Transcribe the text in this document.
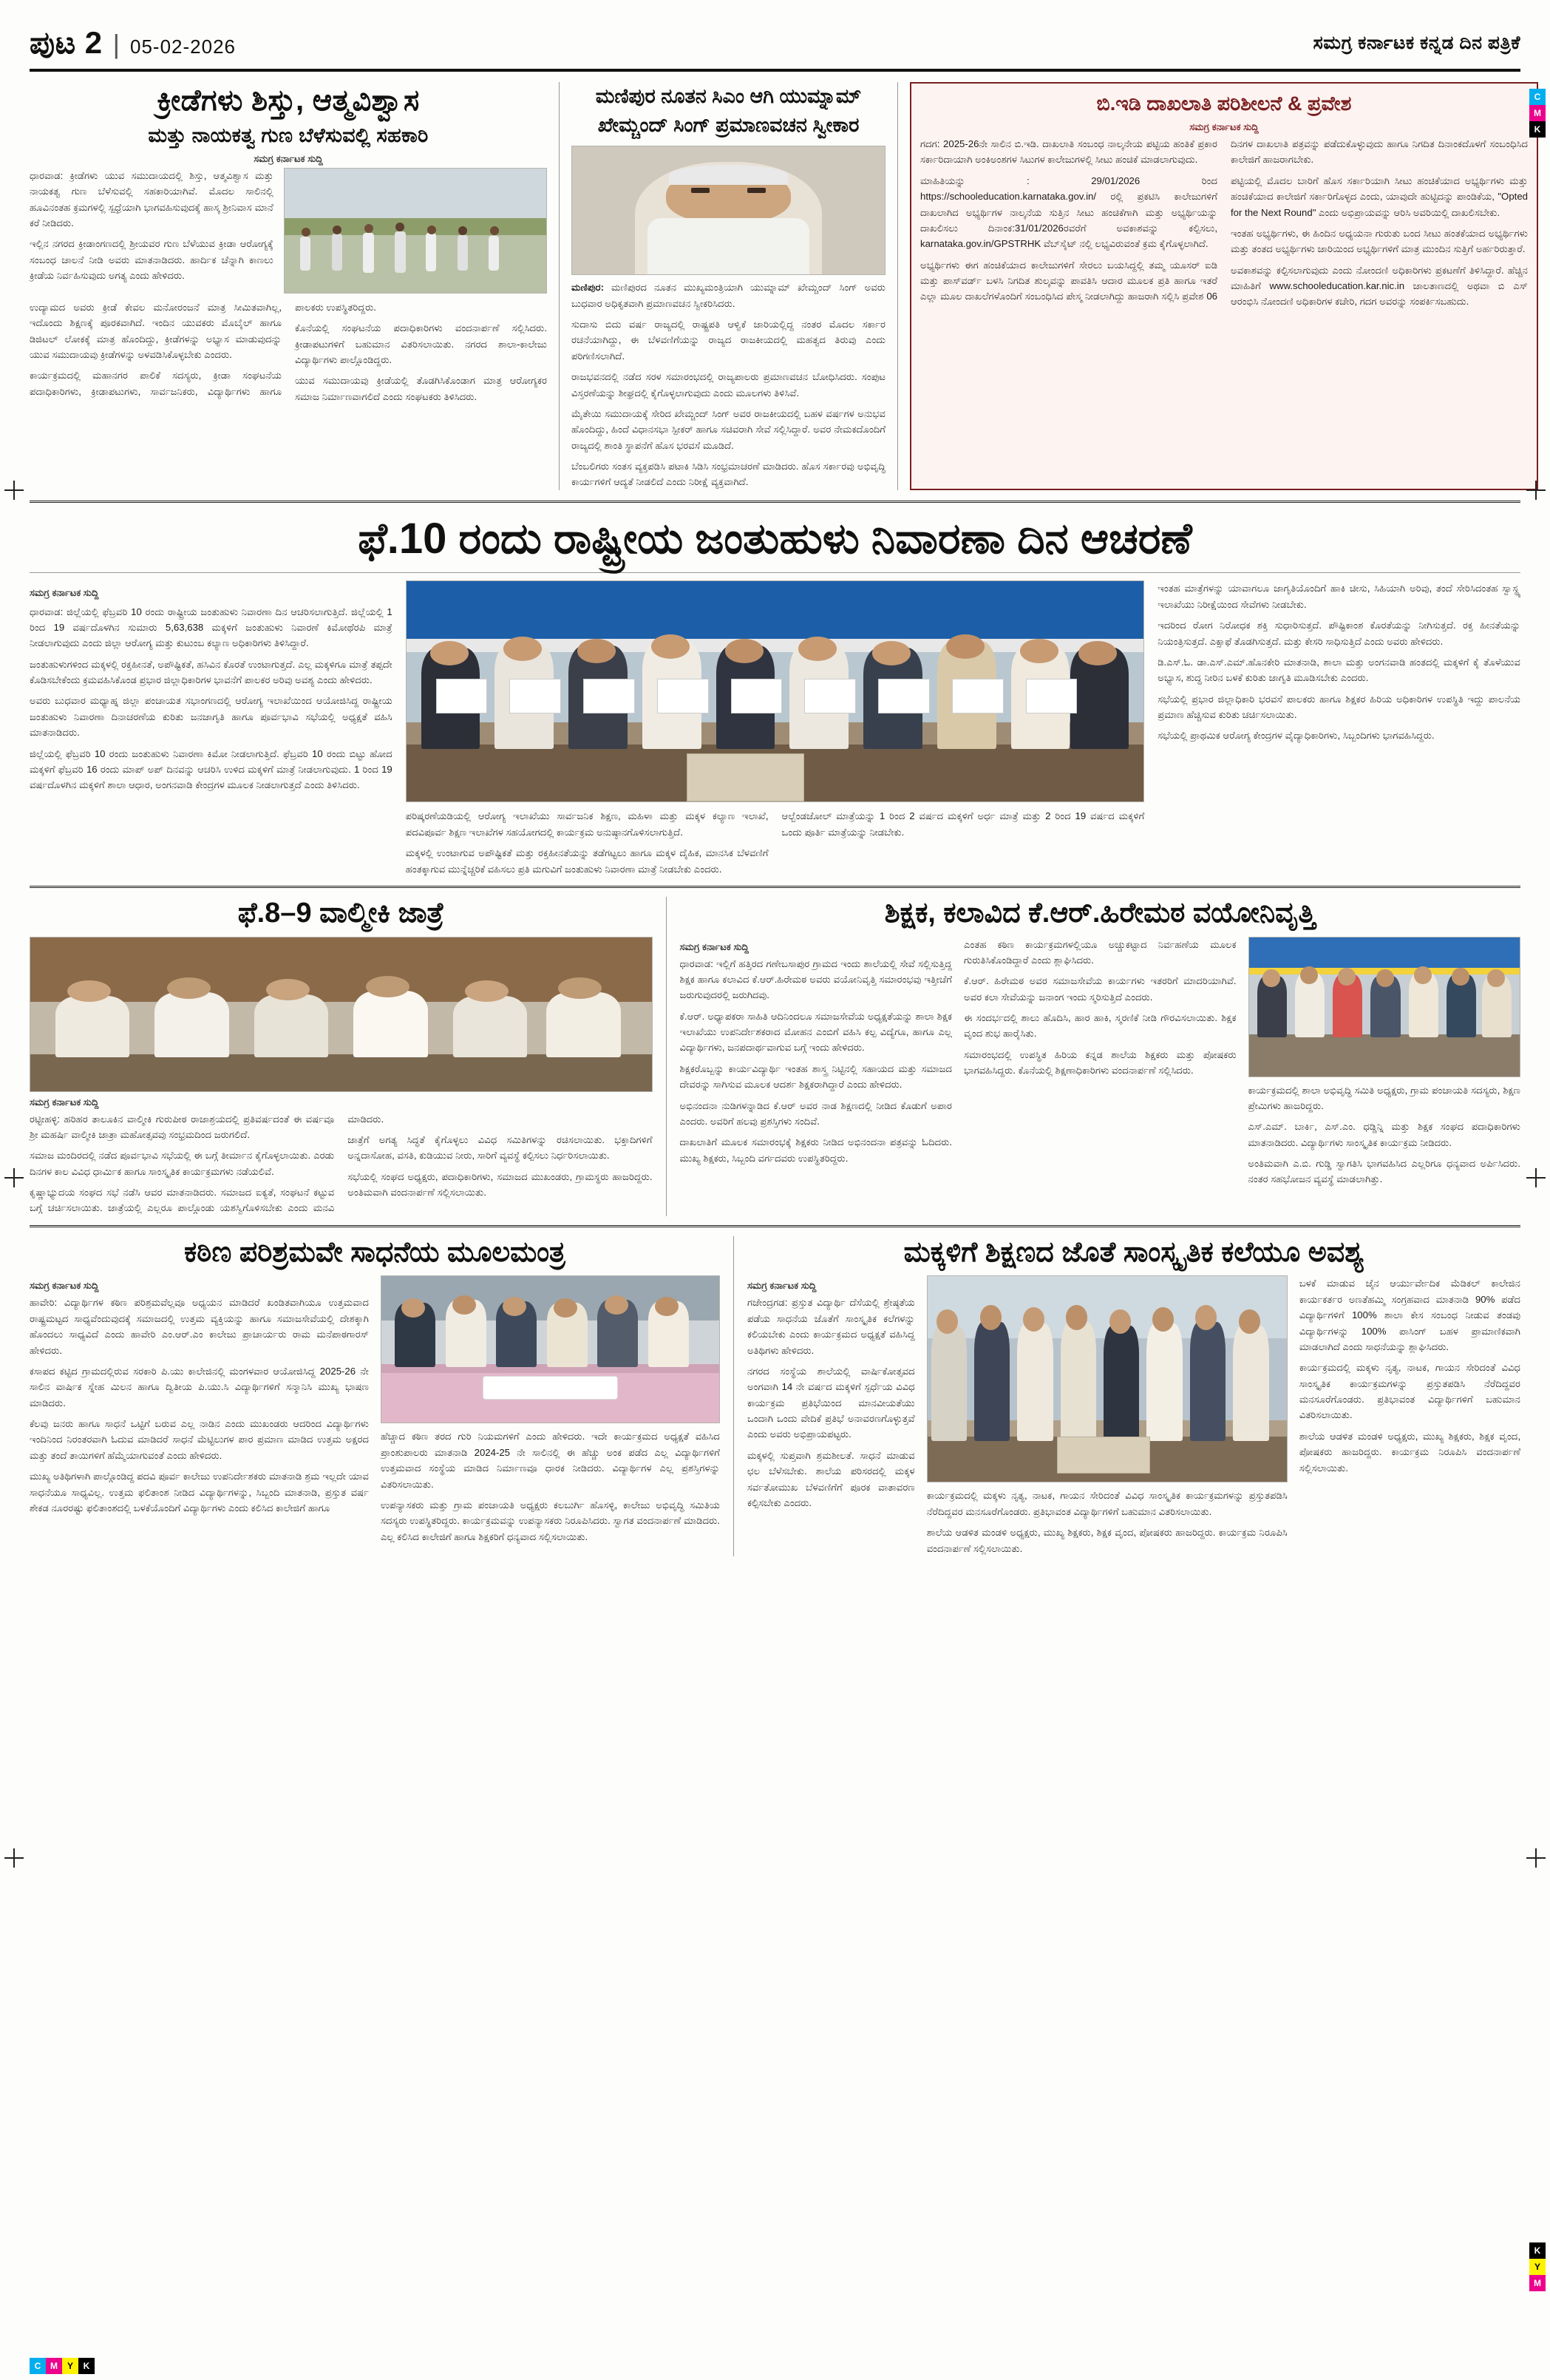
C
M
K
K
Y
M
C	M	Y	K
ಪುಟ 2 | 05-02-2026	ಸಮಗ್ರ ಕರ್ನಾಟಕ ಕನ್ನಡ ದಿನ ಪತ್ರಿಕೆ
ಕ್ರೀಡೆಗಳು ಶಿಸ್ತು, ಆತ್ಮವಿಶ್ವಾಸ
ಮತ್ತು ನಾಯಕತ್ವ ಗುಣ ಬೆಳೆಸುವಲ್ಲಿ ಸಹಕಾರಿ
ಸಮಗ್ರ ಕರ್ನಾಟಕ ಸುದ್ದಿ

ಧಾರವಾಡ: ಕ್ರೀಡೆಗಳು ಯುವ ಸಮುದಾಯದಲ್ಲಿ ಶಿಸ್ತು, ಆತ್ಮವಿಶ್ವಾಸ ಮತ್ತು ನಾಯಕತ್ವ ಗುಣ ಬೆಳೆಸುವಲ್ಲಿ ಸಹಕಾರಿಯಾಗಿವೆ. ಮೊದಲ ಸಾಲಿನಲ್ಲಿ ಹೂವಿನಂತಹ ಕ್ರಮಗಳಲ್ಲಿ ಸ್ಪಧ್ರೆಯಾಗಿ ಭಾಗವಹಿಸುವುದಕ್ಕೆ ಹಾಸ್ಕ ಶ್ರೀನಿವಾಸ ಮಾನೆ ಕರೆ ನೀಡಿದರು.

ಇಲ್ಲಿನ ನಗರದ ಕ್ರೀಡಾಂಗಣದಲ್ಲಿ ಶ್ರೀಯವರ ಗುಣ ಬೆಳೆಯುವ ಕ್ರೀಡಾ ಆರೋಗ್ಯಕ್ಕೆ ಸಂಬಂಧ ಚಾಲನೆ ನೀಡಿ ಅವರು ಮಾತನಾಡಿದರು. ಹಾರ್ದಿಕ ಚೆನ್ನಾಗಿ ಕಾಣಲು ಕ್ರೀಡೆಯ ನಿರ್ವಹಿಸುವುದು ಅಗತ್ಯ ಎಂದು ಹೇಳಿದರು.

ಉದ್ಯಾಮದ ಅವರು ಕ್ರೀಡೆ ಕೇವಲ ಮನೋರಂಜನೆ ಮಾತ್ರ ಸೀಮಿತವಾಗಿಲ್ಲ, ಇದೊಂದು ಶಿಕ್ಷಣಕ್ಕೆ ಪೂರಕವಾಗಿದೆ. ಇಂದಿನ ಯುವಕರು ಮೊಬೈಲ್ ಹಾಗೂ ಡಿಜಿಟಲ್ ಲೋಕಕ್ಕೆ ಮಾತ್ರ ಹೊಂದಿದ್ದು, ಕ್ರೀಡೆಗಳನ್ನು ಅಭ್ಯಾಸ ಮಾಡುವುದನ್ನು ಯುವ ಸಮುದಾಯವು ಕ್ರೀಡೆಗಳನ್ನು ಅಳವಡಿಸಿಕೊಳ್ಳಬೇಕು ಎಂದರು.

ಕಾರ್ಯಕ್ರಮದಲ್ಲಿ ಮಹಾನಗರ ಪಾಲಿಕೆ ಸದಸ್ಯರು, ಕ್ರೀಡಾ ಸಂಘಟನೆಯ ಪದಾಧಿಕಾರಿಗಳು, ಕ್ರೀಡಾಪಟುಗಳು, ಸಾರ್ವಜನಿಕರು, ವಿದ್ಯಾರ್ಥಿಗಳು ಹಾಗೂ ಪಾಲಕರು ಉಪಸ್ಥಿತರಿದ್ದರು.

ಕೊನೆಯಲ್ಲಿ ಸಂಘಟನೆಯ ಪದಾಧಿಕಾರಿಗಳು ವಂದನಾರ್ಪಣೆ ಸಲ್ಲಿಸಿದರು. ಕ್ರೀಡಾಪಟುಗಳಿಗೆ ಬಹುಮಾನ ವಿತರಿಸಲಾಯಿತು. ನಗರದ ಶಾಲಾ-ಕಾಲೇಜು ವಿದ್ಯಾರ್ಥಿಗಳು ಪಾಲ್ಗೊಂಡಿದ್ದರು.

ಯುವ ಸಮುದಾಯವು ಕ್ರೀಡೆಯಲ್ಲಿ ತೊಡಗಿಸಿಕೊಂಡಾಗ ಮಾತ್ರ ಆರೋಗ್ಯಕರ ಸಮಾಜ ನಿರ್ಮಾಣವಾಗಲಿದೆ ಎಂದು ಸಂಘಟಕರು ತಿಳಿಸಿದರು.

ಮಣಿಪುರ ನೂತನ ಸಿಎಂ ಆಗಿ ಯುಮ್ನಾಮ್ ಖೇಮ್ಚಂದ್ ಸಿಂಗ್ ಪ್ರಮಾಣವಚನ ಸ್ವೀಕಾರ

ಮಣಿಪುರ: ಮಣಿಪುರದ ನೂತನ ಮುಖ್ಯಮಂತ್ರಿಯಾಗಿ ಯುಮ್ನಾಮ್ ಖೇಮ್ಚಂದ್ ಸಿಂಗ್ ಅವರು ಬುಧವಾರ ಅಧಿಕೃತವಾಗಿ ಪ್ರಮಾಣವಚನ ಸ್ವೀಕರಿಸಿದರು.

ಸುದಾಸು ಬಿದು ವರ್ಷ ರಾಜ್ಯದಲ್ಲಿ ರಾಷ್ಟ್ರಪತಿ ಆಳ್ವಿಕೆ ಜಾರಿಯಲ್ಲಿದ್ದ ನಂತರ ಮೊದಲ ಸರ್ಕಾರ ರಚನೆಯಾಗಿದ್ದು, ಈ ಬೆಳವಣಿಗೆಯನ್ನು ರಾಜ್ಯದ ರಾಜಕೀಯದಲ್ಲಿ ಮಹತ್ವದ ತಿರುವು ಎಂದು ಪರಿಗಣಿಸಲಾಗಿದೆ.

ರಾಜಭವನದಲ್ಲಿ ನಡೆದ ಸರಳ ಸಮಾರಂಭದಲ್ಲಿ ರಾಜ್ಯಪಾಲರು ಪ್ರಮಾಣವಚನ ಬೋಧಿಸಿದರು. ಸಂಪುಟ ವಿಸ್ತರಣೆಯನ್ನು ಶೀಘ್ರದಲ್ಲಿ ಕೈಗೊಳ್ಳಲಾಗುವುದು ಎಂದು ಮೂಲಗಳು ತಿಳಿಸಿವೆ.

ಮೈತೇಯಿ ಸಮುದಾಯಕ್ಕೆ ಸೇರಿದ ಖೇಮ್ಚಂದ್ ಸಿಂಗ್ ಅವರ ರಾಜಕೀಯದಲ್ಲಿ ಬಹಳ ವರ್ಷಗಳ ಅನುಭವ ಹೊಂದಿದ್ದು, ಹಿಂದೆ ವಿಧಾನಸಭಾ ಸ್ಪೀಕರ್ ಹಾಗೂ ಸಚಿವರಾಗಿ ಸೇವೆ ಸಲ್ಲಿಸಿದ್ದಾರೆ. ಅವರ ನೇಮಕದೊಂದಿಗೆ ರಾಜ್ಯದಲ್ಲಿ ಶಾಂತಿ ಸ್ಥಾಪನೆಗೆ ಹೊಸ ಭರವಸೆ ಮೂಡಿದೆ.

ಬೆಂಬಲಿಗರು ಸಂತಸ ವ್ಯಕ್ತಪಡಿಸಿ ಪಟಾಕಿ ಸಿಡಿಸಿ ಸಂಭ್ರಮಾಚರಣೆ ಮಾಡಿದರು. ಹೊಸ ಸರ್ಕಾರವು ಅಭಿವೃದ್ಧಿ ಕಾರ್ಯಗಳಿಗೆ ಆದ್ಯತೆ ನೀಡಲಿದೆ ಎಂದು ನಿರೀಕ್ಷೆ ವ್ಯಕ್ತವಾಗಿದೆ.

ಬಿ.ಇಡಿ ದಾಖಲಾತಿ ಪರಿಶೀಲನೆ & ಪ್ರವೇಶ
ಸಮಗ್ರ ಕರ್ನಾಟಕ ಸುದ್ದಿ

ಗದಗ: 2025-26ನೇ ಸಾಲಿನ ಬಿ.ಇಡಿ. ದಾಖಲಾತಿ ಸಂಬಂಧ ನಾಲ್ಕನೇಯ ಪಟ್ಟಿಯ ಹಂತಿಕೆ ಪ್ರಕಾರ ಸರ್ಕಾರಿದಾಯಾಗಿ ಅಂಕಿಅಂಶಗಳ ಸಿಟುಗಳ ಕಾಲೇಜುಗಳಲ್ಲಿ ಸೀಟು ಹಂಚಿಕೆ ಮಾಡಲಾಗುವುದು.

ಮಾಹಿತಿಯನ್ನು : 29/01/2026 ರಿಂದ https://schooleducation.karnataka.gov.in/ ರಲ್ಲಿ ಪ್ರಕಟಿಸಿ ಕಾಲೇಜುಗಳಿಗೆ ದಾಖಲಾಗಿದ ಅಭ್ಯರ್ಥಿಗಳ ನಾಲ್ಕನೆಯ ಸುತ್ತಿನ ಸೀಟು ಹಂಚಿಕೆಗಾಗಿ ಮತ್ತು ಅಭ್ಯರ್ಥಿಯನ್ನು ದಾಖಲಿಸಲು ದಿನಾಂಕ:31/01/2026ರವರೆಗೆ ಅವಕಾಶವನ್ನು ಕಲ್ಪಿಸಲು, karnataka.gov.in/GPSTRHK ವೆಬ್‌ಸೈಟ್ ನಲ್ಲಿ ಲಭ್ಯವಿರುವಂತೆ ಕ್ರಮ ಕೈಗೊಳ್ಳಲಾಗಿದೆ.

ಅಭ್ಯರ್ಥಿಗಳು ಈಗ ಹಂಚಿಕೆಯಾದ ಕಾಲೇಜುಗಳಿಗೆ ಸೇರಲು ಬಯಸಿದ್ದಲ್ಲಿ ತಮ್ಮ ಯೂಸರ್ ಐಡಿ ಮತ್ತು ಪಾಸ್‌ವರ್ಡ್ ಬಳಸಿ ನಿಗದಿತ ಶುಲ್ಕವನ್ನು ಪಾವತಿಸಿ ಆದಾರ ಮೂಲಕ ಪ್ರತಿ ಹಾಗೂ ಇತರೆ ಎಲ್ಲಾ ಮೂಲ ದಾಖಲೆಗಳೊಂದಿಗೆ ಸಂಬಂಧಿಸಿದ ಪೇಸ್ಮ ನೀಡಲಾಗಿದ್ದು ಹಾಜರಾಗಿ ಸಲ್ಲಿಸಿ ಪ್ರವೇಶ 06 ದಿನಗಳ ದಾಖಲಾತಿ ಪತ್ರವನ್ನು ಪಡೆದುಕೊಳ್ಳುವುದು ಹಾಗೂ ನಿಗದಿತ ದಿನಾಂಕದೊಳಗೆ ಸಂಬಂಧಿಸಿದ ಕಾಲೇಜಿಗೆ ಹಾಜರಾಗಬೇಕು.

ಪಟ್ಟಿಯಲ್ಲಿ ಮೊದಲ ಬಾರಿಗೆ ಹೊಸ ಸರ್ಕಾರಿಯಾಗಿ ಸೀಟು ಹಂಚಿಕೆಯಾದ ಅಭ್ಯರ್ಥಿಗಳು ಮತ್ತು ಹಂಚಿಕೆಯಾದ ಕಾಲೇಜಿಗೆ ಸರ್ಕಾರಿಗೊಳ್ಳದ ಎಂದು, ಯಾವುದೇ ಹುಟ್ಟಿದನ್ನು ಪಾಂಡಿಕೆಯ, "Opted for the Next Round" ಎಂದು ಅಭಿಪ್ರಾಯವನ್ನು ಆರಿಸಿ ಅವರಿಯಿಲ್ಲಿ ದಾಖಲಿಸಬೇಕು.

ಇಂತಹ ಅಭ್ಯರ್ಥಿಗಳು, ಈ ಹಿಂದಿನ ಅಧ್ಯಯನಾ ಗುರುತು ಬಂದ ಸೀಟು ಹಂತಕೆಯಾದ ಅಭ್ಯರ್ಥಿಗಳು ಮತ್ತು ತಂತದ ಅಭ್ಯರ್ಥಿಗಳು ಜಾರಿಯಿಂದ ಅಭ್ಯರ್ಥಿಗಳಿಗೆ ಮಾತ್ರ ಮುಂದಿನ ಸುತ್ತಿಗೆ ಅರ್ಹರಿರುತ್ತಾರೆ.

ಅವಕಾಶವನ್ನು ಕಲ್ಪಿಸಲಾಗುವುದು ಎಂದು ನೋಂದಣಿ ಅಧಿಕಾರಿಗಳು ಪ್ರಕಟಣೆಗೆ ತಿಳಿಸಿದ್ದಾರೆ. ಹೆಚ್ಚಿನ ಮಾಹಿತಿಗೆ www.schooleducation.kar.nic.in ಜಾಲತಾಣದಲ್ಲಿ ಅಥವಾ ಬಿ ಎಸ್ ಆರಂಭಿಸಿ ನೋಂದಣಿ ಅಧಿಕಾರಿಗಳ ಕಚೇರಿ, ಗದಗ ಅವರನ್ನು ಸಂಪರ್ಕಿಸಬಹುದು.

ಫೆ.10 ರಂದು ರಾಷ್ಟ್ರೀಯ ಜಂತುಹುಳು ನಿವಾರಣಾ ದಿನ ಆಚರಣೆ
ಸಮಗ್ರ ಕರ್ನಾಟಕ ಸುದ್ದಿ

ಧಾರವಾಡ: ಜಿಲ್ಲೆಯಲ್ಲಿ ಫೆಬ್ರವರಿ 10 ರಂದು ರಾಷ್ಟ್ರೀಯ ಜಂತುಹುಳು ನಿವಾರಣಾ ದಿನ ಆಚರಿಸಲಾಗುತ್ತಿದೆ. ಜಿಲ್ಲೆಯಲ್ಲಿ 1 ರಿಂದ 19 ವರ್ಷದೊಳಗಿನ ಸುಮಾರು 5,63,638 ಮಕ್ಕಳಿಗೆ ಜಂತುಹುಳು ನಿವಾರಣೆ ಕಿಮೋಥೆರಪಿ ಮಾತ್ರೆ ನೀಡಲಾಗುವುದು ಎಂದು ಜಿಲ್ಲಾ ಆರೋಗ್ಯ ಮತ್ತು ಕುಟುಂಬ ಕಲ್ಯಾಣ ಅಧಿಕಾರಿಗಳು ತಿಳಿಸಿದ್ದಾರೆ.

ಜಂತುಹುಳುಗಳಿಂದ ಮಕ್ಕಳಲ್ಲಿ ರಕ್ತಹೀನತೆ, ಅಪೌಷ್ಟಿಕತೆ, ಹಸಿವಿನ ಕೊರತೆ ಉಂಟಾಗುತ್ತದೆ. ಎಲ್ಲ ಮಕ್ಕಳಿಗೂ ಮಾತ್ರೆ ತಪ್ಪದೇ ಕೊಡಿಸಬೇಕೆಂದು ಕ್ರಮವಹಿಸಿಕೊಂಡ ಪ್ರಭಾರ ಜಿಲ್ಲಾಧಿಕಾರಿಗಳ ಭಾವನೆಗೆ ಪಾಲಕರ ಅರಿವು ಅವಶ್ಯ ಎಂದು ಹೇಳಿದರು.

ಅವರು ಬುಧವಾರ ಮಧ್ಯಾಹ್ನ ಜಿಲ್ಲಾ ಪಂಚಾಯತ ಸಭಾಂಗಣದಲ್ಲಿ ಆರೋಗ್ಯ ಇಲಾಖೆಯಿಂದ ಆಯೋಜಿಸಿದ್ದ ರಾಷ್ಟ್ರೀಯ ಜಂತುಹುಳು ನಿವಾರಣಾ ದಿನಾಚರಣೆಯ ಕುರಿತು ಜನಜಾಗೃತಿ ಹಾಗೂ ಪೂರ್ವಭಾವಿ ಸಭೆಯಲ್ಲಿ ಅಧ್ಯಕ್ಷತೆ ವಹಿಸಿ ಮಾತನಾಡಿದರು.

ಜಿಲ್ಲೆಯಲ್ಲಿ ಫೆಬ್ರವರಿ 10 ರಂದು ಜಂತುಹುಳು ನಿವಾರಣಾ ಕಿಮೋ ನೀಡಲಾಗುತ್ತಿದೆ. ಫೆಬ್ರವರಿ 10 ರಂದು ಬಿಟ್ಟು ಹೋದ ಮಕ್ಕಳಿಗೆ ಫೆಬ್ರವರಿ 16 ರಂದು ಮಾಪ್ ಅಪ್ ದಿನವನ್ನು ಆಚರಿಸಿ ಉಳಿದ ಮಕ್ಕಳಿಗೆ ಮಾತ್ರೆ ನೀಡಲಾಗುವುದು. 1 ರಿಂದ 19 ವರ್ಷದೊಳಗಿನ ಮಕ್ಕಳಿಗೆ ಶಾಲಾ ಆಧಾರ, ಅಂಗನವಾಡಿ ಕೇಂದ್ರಗಳ ಮೂಲಕ ನೀಡಲಾಗುತ್ತದೆ ಎಂದು ತಿಳಿಸಿದರು.

ಪರಿಷ್ಕರಣೆಯಡಿಯಲ್ಲಿ ಆರೋಗ್ಯ ಇಲಾಖೆಯು ಸಾರ್ವಜನಿಕ ಶಿಕ್ಷಣ, ಮಹಿಳಾ ಮತ್ತು ಮಕ್ಕಳ ಕಲ್ಯಾಣ ಇಲಾಖೆ, ಪದವಿಪೂರ್ವ ಶಿಕ್ಷಣ ಇಲಾಖೆಗಳ ಸಹಯೋಗದಲ್ಲಿ ಕಾರ್ಯಕ್ರಮ ಅನುಷ್ಠಾನಗೊಳಿಸಲಾಗುತ್ತಿದೆ.

ಮಕ್ಕಳಲ್ಲಿ ಉಂಟಾಗುವ ಅಪೌಷ್ಟಿಕತೆ ಮತ್ತು ರಕ್ತಹೀನತೆಯನ್ನು ತಡೆಗಟ್ಟಲು ಹಾಗೂ ಮಕ್ಕಳ ದೈಹಿಕ, ಮಾನಸಿಕ ಬೆಳವಣಿಗೆ ಹಂತಕ್ಕಾಗುವ ಮುನ್ನೆಚ್ಚರಿಕೆ ವಹಿಸಲು ಪ್ರತಿ ಮಗುವಿಗೆ ಜಂತುಹುಳು ನಿವಾರಣಾ ಮಾತ್ರೆ ನೀಡಬೇಕು ಎಂದರು.

ಆಲ್ಬೆಂಡಜೋಲ್ ಮಾತ್ರೆಯನ್ನು 1 ರಿಂದ 2 ವರ್ಷದ ಮಕ್ಕಳಿಗೆ ಅರ್ಧ ಮಾತ್ರೆ ಮತ್ತು 2 ರಿಂದ 19 ವರ್ಷದ ಮಕ್ಕಳಿಗೆ ಒಂದು ಪೂರ್ತಿ ಮಾತ್ರೆಯನ್ನು ನೀಡಬೇಕು.

ಇಂತಹ ಮಾತ್ರೆಗಳನ್ನು ಯಾವಾಗಲೂ ಜಾಗೃತಿಯೊಂದಿಗೆ ಹಾಕಿ ಚೀಸು, ಸಿಹಿಯಾಗಿ ಅರಿವು, ತಂದೆ ಸೇರಿಸಿದಂತಹ ಸ್ವಾಸ್ಥ್ಯ ಇಲಾಖೆಯು ನಿರೀಕ್ಷೆಯಿಂದ ಸೇವೆಗಳು ನೀಡಬೇಕು.

ಇದರಿಂದ ರೋಗ ನಿರೋಧಕ ಶಕ್ತಿ ಸುಧಾರಿಸುತ್ತದೆ. ಪೌಷ್ಟಿಕಾಂಶ ಕೊರತೆಯನ್ನು ನೀಗಿಸುತ್ತದೆ. ರಕ್ತ ಹೀನತೆಯನ್ನು ನಿಯಂತ್ರಿಸುತ್ತದೆ. ಎಕ್ಸಾಫೆ ತೊಡಗಿಸುತ್ತದೆ. ಮತ್ತು ಕೇಸರಿ ಸಾಧಿಸುತ್ತಿದೆ ಎಂದು ಅವರು ಹೇಳಿದರು.

ಡಿ.ಎಸ್.ಓ. ಡಾ.ಎಸ್.ಎಮ್.ಹೊನಕೇರಿ ಮಾತನಾಡಿ, ಶಾಲಾ ಮತ್ತು ಅಂಗನವಾಡಿ ಹಂತದಲ್ಲಿ ಮಕ್ಕಳಿಗೆ ಕೈ ತೊಳೆಯುವ ಅಭ್ಯಾಸ, ಶುದ್ಧ ನೀರಿನ ಬಳಕೆ ಕುರಿತು ಜಾಗೃತಿ ಮೂಡಿಸಬೇಕು ಎಂದರು.

ಸಭೆಯಲ್ಲಿ ಪ್ರಭಾರ ಜಿಲ್ಲಾಧಿಕಾರಿ ಭರವಸೆ ಪಾಲಕರು ಹಾಗೂ ಶಿಕ್ಷಕರ ಹಿರಿಯ ಅಧಿಕಾರಿಗಳ ಉಪಸ್ಥಿತಿ ಇದ್ದು ಪಾಲನೆಯ ಪ್ರಮಾಣ ಹೆಚ್ಚಿಸುವ ಕುರಿತು ಚರ್ಚಿಸಲಾಯಿತು.

ಸಭೆಯಲ್ಲಿ ಪ್ರಾಥಮಿಕ ಆರೋಗ್ಯ ಕೇಂದ್ರಗಳ ವೈದ್ಯಾಧಿಕಾರಿಗಳು, ಸಿಬ್ಬಂದಿಗಳು ಭಾಗವಹಿಸಿದ್ದರು.

ಫೆ.8–9 ವಾಲ್ಮೀಕಿ ಜಾತ್ರೆ
ಸಮಗ್ರ ಕರ್ನಾಟಕ ಸುದ್ದಿ

ರಟ್ಟೀಹಳ್ಳಿ: ಹರಿಹರ ತಾಲೂಕಿನ ವಾಲ್ಮೀಕಿ ಗುರುಪೀಠ ರಾಜಾಶ್ರಯದಲ್ಲಿ ಪ್ರತಿವರ್ಷದಂತೆ ಈ ವರ್ಷವೂ ಶ್ರೀ ಮಹರ್ಷಿ ವಾಲ್ಮೀಕಿ ಜಾತ್ರಾ ಮಹೋತ್ಸವವು ಸಂಭ್ರಮದಿಂದ ಜರುಗಲಿದೆ.

ಸಮಾಜ ಮಂದಿರದಲ್ಲಿ ನಡೆದ ಪೂರ್ವಭಾವಿ ಸಭೆಯಲ್ಲಿ ಈ ಬಗ್ಗೆ ತೀರ್ಮಾನ ಕೈಗೊಳ್ಳಲಾಯಿತು. ಎರಡು ದಿನಗಳ ಕಾಲ ವಿವಿಧ ಧಾರ್ಮಿಕ ಹಾಗೂ ಸಾಂಸ್ಕೃತಿಕ ಕಾರ್ಯಕ್ರಮಗಳು ನಡೆಯಲಿವೆ.

ಕೃಷ್ಣಾಭ್ಯುದಯ ಸಂಘದ ಸಭೆ ನಡೆಸಿ ಆವರ ಮಾತನಾಡಿದರು. ಸಮಾಜದ ಐಕ್ಯತೆ, ಸಂಘಟನೆ ಕಟ್ಟುವ ಬಗ್ಗೆ ಚರ್ಚಿಸಲಾಯಿತು. ಜಾತ್ರೆಯಲ್ಲಿ ಎಲ್ಲರೂ ಪಾಲ್ಗೊಂಡು ಯಶಸ್ವಿಗೊಳಿಸಬೇಕು ಎಂದು ಮನವಿ ಮಾಡಿದರು.

ಜಾತ್ರೆಗೆ ಅಗತ್ಯ ಸಿದ್ಧತೆ ಕೈಗೊಳ್ಳಲು ವಿವಿಧ ಸಮಿತಿಗಳನ್ನು ರಚಿಸಲಾಯಿತು. ಭಕ್ತಾದಿಗಳಿಗೆ ಅನ್ನದಾಸೋಹ, ವಸತಿ, ಕುಡಿಯುವ ನೀರು, ಸಾರಿಗೆ ವ್ಯವಸ್ಥೆ ಕಲ್ಪಿಸಲು ನಿರ್ಧರಿಸಲಾಯಿತು.

ಸಭೆಯಲ್ಲಿ ಸಂಘದ ಅಧ್ಯಕ್ಷರು, ಪದಾಧಿಕಾರಿಗಳು, ಸಮಾಜದ ಮುಖಂಡರು, ಗ್ರಾಮಸ್ಥರು ಹಾಜರಿದ್ದರು. ಅಂತಿಮವಾಗಿ ವಂದನಾರ್ಪಣೆ ಸಲ್ಲಿಸಲಾಯಿತು.

ಶಿಕ್ಷಕ, ಕಲಾವಿದ ಕೆ.ಆರ್.ಹಿರೇಮಠ ವಯೋನಿವೃತ್ತಿ
ಸಮಗ್ರ ಕರ್ನಾಟಕ ಸುದ್ದಿ

ಧಾರವಾಡ: ಇಲ್ಲಿಗೆ ಹತ್ತಿರದ ಗಣೇಬಸಾಪುರ ಗ್ರಾಮದ ಇಂದು ಶಾಲೆಯಲ್ಲಿ ಸೇವೆ ಸಲ್ಲಿಸುತ್ತಿದ್ದ ಶಿಕ್ಷಕ ಹಾಗೂ ಕಲಾವಿದ ಕೆ.ಆರ್.ಹಿರೇಮಠ ಅವರು ವಯೋನಿವೃತ್ತಿ ಸಮಾರಂಭವು ಇತ್ತೀಚೆಗೆ ಜರುಗುವುದರಲ್ಲಿ ಜರುಗಿದವು.

ಕೆ.ಆರ್. ಅಧ್ಯಾಪಕರಾ ಸಾಹಿತಿ ಆದಿನಿಂದಲೂ ಸಮಾಜಸೇವೆಯ ಅಧ್ಯಕ್ಷತೆಯನ್ನು ಶಾಲಾ ಶಿಕ್ಷಕ ಇಲಾಖೆಯು ಉಪನಿರ್ದೇಶಕರಾದ ಮೋಹನ ಎಂಬಿಗೆ ವಹಿಸಿ ಕಲ್ಪ ವಿದ್ಯೆಗೂ, ಹಾಗೂ ಎಲ್ಲ ವಿದ್ಯಾರ್ಥಿಗಳು, ಜನಪದಾರ್ಥವಾಗುವ ಬಗ್ಗೆ ಇಂದು ಹೇಳಿದರು.

ಶಿಕ್ಷಕರೊಬ್ಬನ್ನು ಕಾರ್ಯವಿದ್ಯಾರ್ಥಿ ಇಂತಹ ಶಾಸ್ತ್ರ ನಿಟ್ಟಿನಲ್ಲಿ ಸಹಾಯದ ಮತ್ತು ಸಮಾಜದ ದೇವರನ್ನು ಸಾಗಿಸುವ ಮೂಲಕ ಆದರ್ಶ ಶಿಕ್ಷಕರಾಗಿದ್ದಾರೆ ಎಂದು ಹೇಳಿದರು.

ಅಭಿನಂದನಾ ನುಡಿಗಳನ್ನಾಡಿದ ಕೆ.ಆರ್ ಅವರ ನಾಡ ಶಿಕ್ಷಣದಲ್ಲಿ ನೀಡಿದ ಕೊಡುಗೆ ಅಪಾರ ಎಂದರು. ಅವರಿಗೆ ಹಲವು ಪ್ರಶಸ್ತಿಗಳು ಸಂದಿವೆ.

ದಾಖಲಾತಿಗೆ ಮೂಲಕ ಸಮಾರಂಭಕ್ಕೆ ಶಿಕ್ಷಕರು ನೀಡಿದ ಅಭಿನಂದನಾ ಪತ್ರವನ್ನು ಓದಿದರು. ಮುಖ್ಯ ಶಿಕ್ಷಕರು, ಸಿಬ್ಬಂದಿ ವರ್ಗದವರು ಉಪಸ್ಥಿತರಿದ್ದರು.

ಎಂತಹ ಕಠಿಣ ಕಾರ್ಯಕ್ರಮಗಳಲ್ಲಿಯೂ ಅಚ್ಚುಕಟ್ಟಾದ ನಿರ್ವಹಣೆಯ ಮೂಲಕ ಗುರುತಿಸಿಕೊಂಡಿದ್ದಾರೆ ಎಂದು ಶ್ಲಾಘಿಸಿದರು.

ಕೆ.ಆರ್. ಹಿರೇಮಠ ಅವರ ಸಮಾಜಸೇವೆಯ ಕಾರ್ಯಗಳು ಇತರರಿಗೆ ಮಾದರಿಯಾಗಿವೆ. ಅವರ ಕಲಾ ಸೇವೆಯನ್ನು ಜನಾಂಗ ಇಂದು ಸ್ಮರಿಸುತ್ತಿದೆ ಎಂದರು.

ಈ ಸಂದರ್ಭದಲ್ಲಿ ಶಾಲು ಹೊದಿಸಿ, ಹಾರ ಹಾಕಿ, ಸ್ಮರಣಿಕೆ ನೀಡಿ ಗೌರವಿಸಲಾಯಿತು. ಶಿಕ್ಷಕ ವೃಂದ ಶುಭ ಹಾರೈಸಿತು.

ಸಮಾರಂಭದಲ್ಲಿ ಉಪಸ್ಥಿತ ಹಿರಿಯ ಕನ್ನಡ ಶಾಲೆಯ ಶಿಕ್ಷಕರು ಮತ್ತು ಪೋಷಕರು ಭಾಗವಹಿಸಿದ್ದರು. ಕೊನೆಯಲ್ಲಿ ಶಿಕ್ಷಣಾಧಿಕಾರಿಗಳು ವಂದನಾರ್ಪಣೆ ಸಲ್ಲಿಸಿದರು.

ಕಾರ್ಯಕ್ರಮದಲ್ಲಿ ಶಾಲಾ ಅಭಿವೃದ್ಧಿ ಸಮಿತಿ ಅಧ್ಯಕ್ಷರು, ಗ್ರಾಮ ಪಂಚಾಯತಿ ಸದಸ್ಯರು, ಶಿಕ್ಷಣ ಪ್ರೇಮಿಗಳು ಹಾಜರಿದ್ದರು.

ಎಸ್.ಎಮ್. ಬಾರ್ಕಿ, ಎಸ್.ಎಂ. ಧಡ್ಡಿನ್ನಿ ಮತ್ತು ಶಿಕ್ಷಕ ಸಂಘದ ಪದಾಧಿಕಾರಿಗಳು ಮಾತನಾಡಿದರು. ವಿದ್ಯಾರ್ಥಿಗಳು ಸಾಂಸ್ಕೃತಿಕ ಕಾರ್ಯಕ್ರಮ ನೀಡಿದರು.

ಅಂತಿಮವಾಗಿ ಎ.ಬಿ. ಗುಡ್ಡಿ ಸ್ವಾಗತಿಸಿ ಭಾಗವಹಿಸಿದ ಎಲ್ಲರಿಗೂ ಧನ್ಯವಾದ ಅರ್ಪಿಸಿದರು. ನಂತರ ಸಹಭೋಜನ ವ್ಯವಸ್ಥೆ ಮಾಡಲಾಗಿತ್ತು.

ಕಠಿಣ ಪರಿಶ್ರಮವೇ ಸಾಧನೆಯ ಮೂಲಮಂತ್ರ
ಸಮಗ್ರ ಕರ್ನಾಟಕ ಸುದ್ದಿ

ಹಾವೇರಿ: ವಿದ್ಯಾರ್ಥಿಗಳ ಕಠಿಣ ಪರಿಶ್ರಮವೆಲ್ಲವೂ ಅಧ್ಯಯನ ಮಾಡಿದರೆ ಖಂಡಿತವಾಗಿಯೂ ಉತ್ತಮವಾದ ರಾಷ್ಟ್ರಮಟ್ಟದ ಸಾಧ್ಯವೆಂದುವುದಕ್ಕೆ ಸಮಾಜದಲ್ಲಿ ಉತ್ತಮ ವ್ಯಕ್ತಿಯನ್ನು ಹಾಗೂ ಸಮಾಜಸೇವೆಯಲ್ಲಿ ದೇಶಕ್ಕಾಗಿ ಹೊಂದಲು ಸಾಧ್ಯವಿದೆ ಎಂದು ಹಾವೇರಿ ಎಂ.ಆರ್.ಎಂ ಕಾಲೇಜು ಪ್ರಾಚಾರ್ಯರು ರಾಮ ಮನೆಪಾಠಗಾರಸ್ ಹೇಳಿದರು.

ಕಸಾಪದ ಕಟ್ಟಿದ ಗ್ರಾಮದಲ್ಲಿರುವ ಸರಕಾರಿ ಪಿ.ಯು ಕಾಲೇಜಿನಲ್ಲಿ ಮಂಗಳವಾರ ಆಯೋಜಿಸಿದ್ದ 2025-26 ನೇ ಸಾಲಿನ ವಾರ್ಷಿಕ ಸ್ನೇಹ ಮಿಲನ ಹಾಗೂ ದ್ವಿತೀಯ ಪಿ.ಯು.ಸಿ ವಿದ್ಯಾರ್ಥಿಗಳಿಗೆ ಸನ್ಮಾನಿಸಿ ಮುಖ್ಯ ಭಾಷಣ ಮಾಡಿದರು.

ಕೆಲವು ಜನರು ಹಾಗೂ ಸಾಧನೆ ಒಟ್ಟಿಗೆ ಬರುವ ಎಲ್ಲ ನಾಡಿನ ಎಂದು ಮುಖಂಡರು ಆದರಿಂದ ವಿದ್ಯಾರ್ಥಿಗಳು ಇಂದಿನಿಂದ ನಿರಂತರವಾಗಿ ಓದುವ ಮಾಡಿದರೆ ಸಾಧನೆ ಮೆಟ್ಟಿಲುಗಳ ಪಾರ ಪ್ರಮಾಣ ಮಾಡಿದ ಉತ್ತಮ ಅಕ್ಷರದ ಮತ್ತು ತಂದೆ ತಾಯಿಗಳಿಗೆ ಹೆಮ್ಮೆಯಾಗುವಂತೆ ಎಂದು ಹೇಳಿದರು.

ಮುಖ್ಯ ಅತಿಥಿಗಳಾಗಿ ಪಾಲ್ಗೊಂಡಿದ್ದ ಪದವಿ ಪೂರ್ವ ಕಾಲೇಜು ಉಪನಿರ್ದೇಶಕರು ಮಾತನಾಡಿ ಶ್ರಮ ಇಲ್ಲದೇ ಯಾವ ಸಾಧನೆಯೂ ಸಾಧ್ಯವಿಲ್ಲ. ಉತ್ತಮ ಫಲಿತಾಂಶ ನೀಡಿದ ವಿದ್ಯಾರ್ಥಿಗಳನ್ನು, ಸಿಬ್ಬಂದಿ ಮಾತನಾಡಿ, ಪ್ರಸ್ತುತ ವರ್ಷ ಶೇಕಡ ನೂರರಷ್ಟು ಫಲಿತಾಂಶದಲ್ಲಿ ಬಳಕೆಯೊಂದಿಗೆ ವಿದ್ಯಾರ್ಥಿಗಳು ಎಂದು ಕಲಿಸಿದ ಕಾಲೇಜಿಗೆ ಹಾಗೂ

ಹೆಚ್ಚಾದ ಕಠಿಣ ತರದ ಗುರಿ ನಿಯಮಗಳಿಗೆ ಎಂದು ಹೇಳಿದರು. ಇದೇ ಕಾರ್ಯಕ್ರಮದ ಅಧ್ಯಕ್ಷತೆ ವಹಿಸಿದ ಪ್ರಾಂಶುಪಾಲರು ಮಾತನಾಡಿ 2024-25 ನೇ ಸಾಲಿನಲ್ಲಿ ಈ ಹೆಚ್ಚು ಅಂಕ ಪಡೆದ ಎಲ್ಲ ವಿದ್ಯಾರ್ಥಿಗಳಿಗೆ ಉತ್ತಮವಾದ ಸಂಸ್ಥೆಯ ಮಾಡಿದ ನಿರ್ಮಾಣವೂ ಧಾರಕ ನೀಡಿದರು. ವಿದ್ಯಾರ್ಥಿಗಳ ಎಲ್ಲ ಪ್ರಶಸ್ತಿಗಳನ್ನು ವಿತರಿಸಲಾಯಿತು.

ಉಪನ್ಯಾಸಕರು ಮತ್ತು ಗ್ರಾಮ ಪಂಚಾಯತಿ ಅಧ್ಯಕ್ಷರು ಕಲಬುರ್ಗಿ ಹೊಸಳ್ಳಿ, ಕಾಲೇಜು ಅಭಿವೃದ್ಧಿ ಸಮಿತಿಯ ಸದಸ್ಯರು ಉಪಸ್ಥಿತರಿದ್ದರು. ಕಾರ್ಯಕ್ರಮವನ್ನು ಉಪನ್ಯಾಸಕರು ನಿರೂಪಿಸಿದರು. ಸ್ವಾಗತ ವಂದನಾರ್ಪಣೆ ಮಾಡಿದರು. ಎಲ್ಲ ಕಲಿಸಿದ ಕಾಲೇಜಿಗೆ ಹಾಗೂ ಶಿಕ್ಷಕರಿಗೆ ಧನ್ಯವಾದ ಸಲ್ಲಿಸಲಾಯಿತು.

ಮಕ್ಕಳಿಗೆ ಶಿಕ್ಷಣದ ಜೊತೆ ಸಾಂಸ್ಕೃತಿಕ ಕಲೆಯೂ ಅವಶ್ಯ
ಸಮಗ್ರ ಕರ್ನಾಟಕ ಸುದ್ದಿ

ಗಜೇಂದ್ರಗಡ: ಪ್ರಸ್ತುತ ವಿದ್ಯಾರ್ಥಿ ದೆಸೆಯಲ್ಲಿ ಶ್ರೇಷ್ಠತೆಯ ಪಡೆಯ ಸಾಧನೆಯ ಜೊತೆಗೆ ಸಾಂಸ್ಕೃತಿಕ ಕಲೆಗಳನ್ನು ಕಲಿಯಬೇಕು ಎಂದು ಕಾರ್ಯಕ್ರಮದ ಅಧ್ಯಕ್ಷತೆ ವಹಿಸಿದ್ದ ಅತಿಥಿಗಳು ಹೇಳಿದರು.

ನಗರದ ಸಂಸ್ಥೆಯ ಶಾಲೆಯಲ್ಲಿ ವಾರ್ಷಿಕೋತ್ಸವದ ಅಂಗವಾಗಿ 14 ನೇ ವರ್ಷದ ಮಕ್ಕಳಿಗೆ ಸ್ಪರ್ಧೆಯ ವಿವಿಧ ಕಾರ್ಯಕ್ರಮ ಪ್ರತಿಭೆಯಿಂದ ಮಾನವೀಯತೆಯು ಒಂದಾಗಿ ಒಂದು ವೇದಿಕೆ ಪ್ರತಿಭೆ ಅನಾವರಣಗೊಳ್ಳುತ್ತವೆ ಎಂದು ಅವರು ಅಭಿಪ್ರಾಯಪಟ್ಟರು.

ಮಕ್ಕಳಲ್ಲಿ ಸುಪ್ತವಾಗಿ ಶ್ರಮಶೀಲತೆ. ಸಾಧನೆ ಮಾಡುವ ಛಲ ಬೆಳೆಸಬೇಕು. ಶಾಲೆಯ ಪರಿಸರದಲ್ಲಿ ಮಕ್ಕಳ ಸರ್ವತೋಮುಖ ಬೆಳವಣಿಗೆಗೆ ಪೂರಕ ವಾತಾವರಣ ಕಲ್ಪಿಸಬೇಕು ಎಂದರು.

ಕಾರ್ಯಕ್ರಮದಲ್ಲಿ ಮಕ್ಕಳು ನೃತ್ಯ, ನಾಟಕ, ಗಾಯನ ಸೇರಿದಂತೆ ವಿವಿಧ ಸಾಂಸ್ಕೃತಿಕ ಕಾರ್ಯಕ್ರಮಗಳನ್ನು ಪ್ರಸ್ತುತಪಡಿಸಿ ನೆರೆದಿದ್ದವರ ಮನಸೂರೆಗೊಂಡರು. ಪ್ರತಿಭಾವಂತ ವಿದ್ಯಾರ್ಥಿಗಳಿಗೆ ಬಹುಮಾನ ವಿತರಿಸಲಾಯಿತು.

ಶಾಲೆಯ ಆಡಳಿತ ಮಂಡಳಿ ಅಧ್ಯಕ್ಷರು, ಮುಖ್ಯ ಶಿಕ್ಷಕರು, ಶಿಕ್ಷಕ ವೃಂದ, ಪೋಷಕರು ಹಾಜರಿದ್ದರು. ಕಾರ್ಯಕ್ರಮ ನಿರೂಪಿಸಿ ವಂದನಾರ್ಪಣೆ ಸಲ್ಲಿಸಲಾಯಿತು.

ಬಳಕೆ ಮಾಡುವ ಜೈನ ಆರ್ಯುರ್ವೇದಿಕ ಮೆಡಿಕಲ್ ಕಾಲೇಜಿನ ಕಾರ್ಯಕರ್ತರ ಅಣತೆಹಮ್ಮಿ ಸಂಗ್ರಹವಾದ ಮಾತನಾಡಿ 90% ಪಡೆದ ವಿದ್ಯಾರ್ಥಿಗಳಿಗೆ 100% ಶಾಲಾ ಕೇಸ ಸಂಬಂಧ ನೀಡುವ ತಂಡವು ವಿದ್ಯಾರ್ಥಿಗಳನ್ನು 100% ಪಾಸಿಂಗ್ ಬಹಳ ಪ್ರಾಮಾಣಿಕವಾಗಿ ಮಾಡಲಾಗಿದೆ ಎಂದು ಸಾಧನೆಯನ್ನು ಶ್ಲಾಘಿಸಿದರು.

ಕಾರ್ಯಕ್ರಮದಲ್ಲಿ ಮಕ್ಕಳು ನೃತ್ಯ, ನಾಟಕ, ಗಾಯನ ಸೇರಿದಂತೆ ವಿವಿಧ ಸಾಂಸ್ಕೃತಿಕ ಕಾರ್ಯಕ್ರಮಗಳನ್ನು ಪ್ರಸ್ತುತಪಡಿಸಿ ನೆರೆದಿದ್ದವರ ಮನಸೂರೆಗೊಂಡರು. ಪ್ರತಿಭಾವಂತ ವಿದ್ಯಾರ್ಥಿಗಳಿಗೆ ಬಹುಮಾನ ವಿತರಿಸಲಾಯಿತು.

ಶಾಲೆಯ ಆಡಳಿತ ಮಂಡಳಿ ಅಧ್ಯಕ್ಷರು, ಮುಖ್ಯ ಶಿಕ್ಷಕರು, ಶಿಕ್ಷಕ ವೃಂದ, ಪೋಷಕರು ಹಾಜರಿದ್ದರು. ಕಾರ್ಯಕ್ರಮ ನಿರೂಪಿಸಿ ವಂದನಾರ್ಪಣೆ ಸಲ್ಲಿಸಲಾಯಿತು.
